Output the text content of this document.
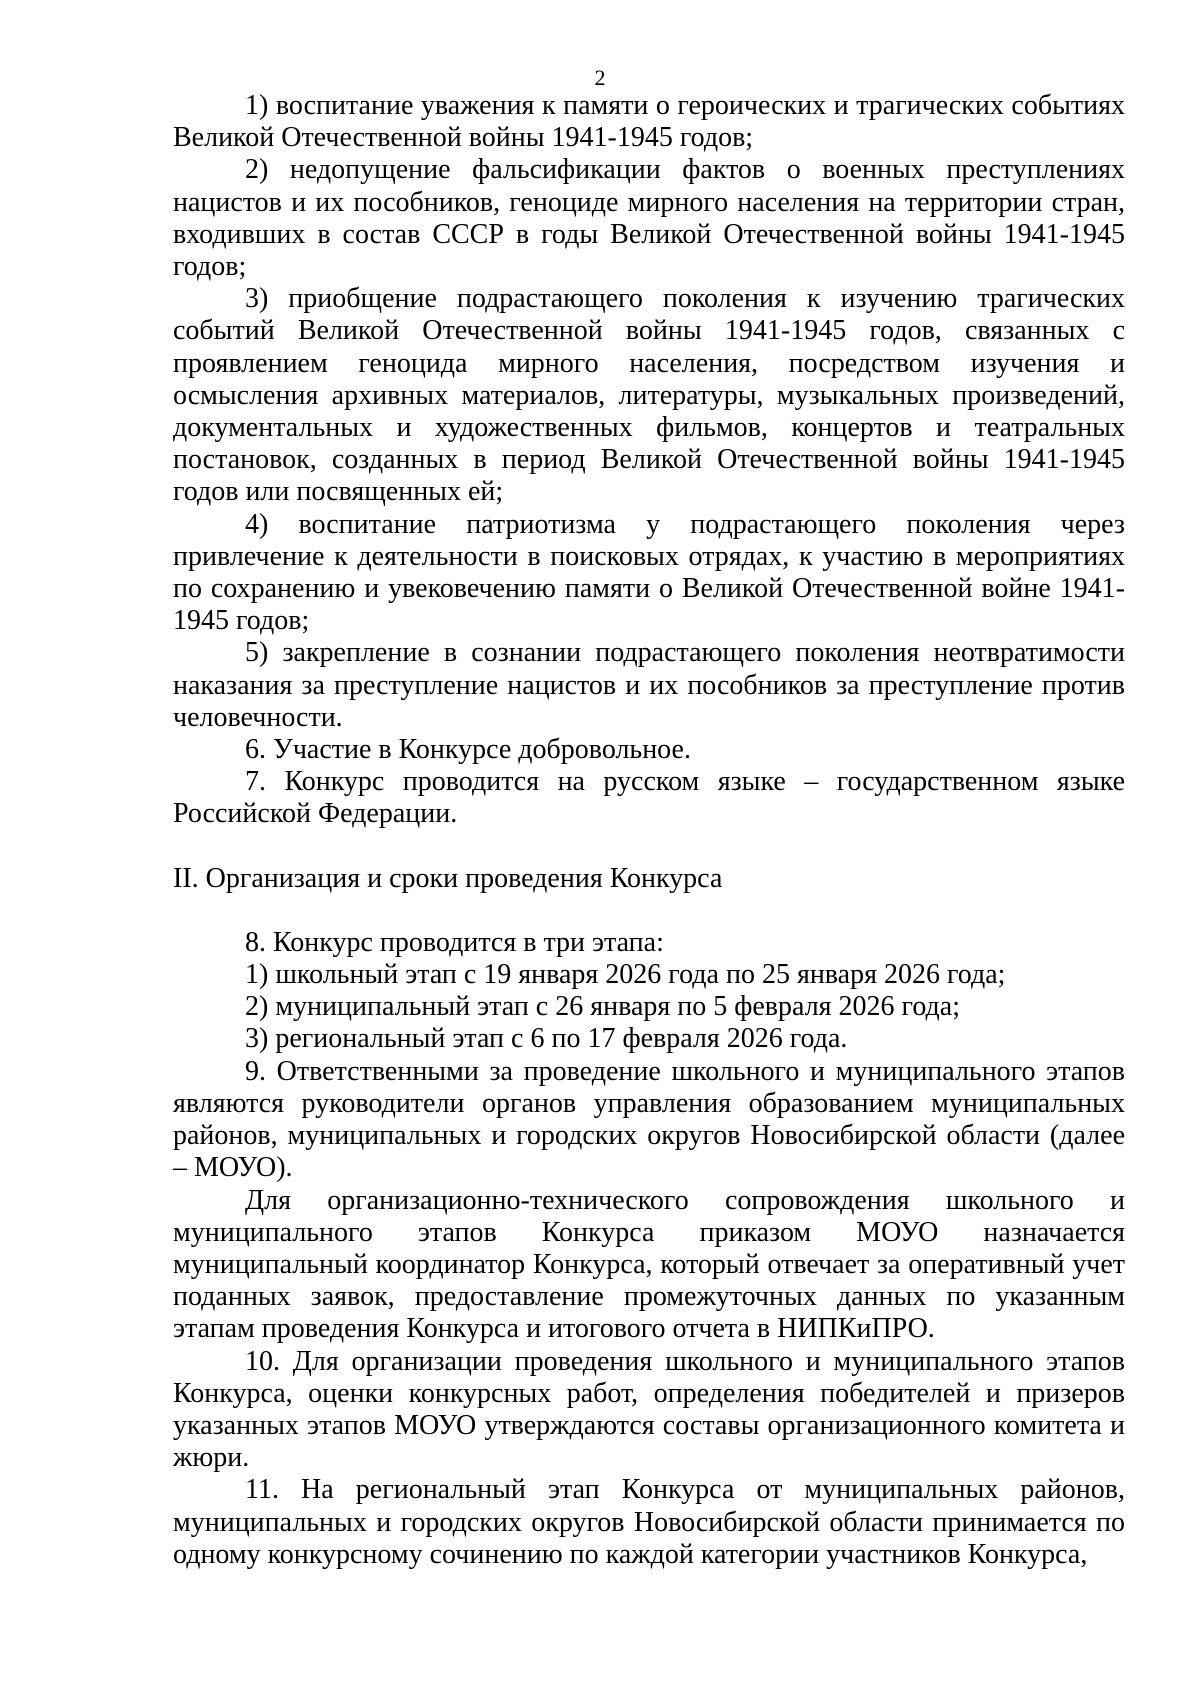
2

1) воспитание уважения к памяти о героических и трагических событиях Великой Отечественной войны 1941-1945 годов;

2) недопущение фальсификации фактов о военных преступлениях нацистов и их пособников, геноциде мирного населения на территории стран, входивших в состав СССР в годы Великой Отечественной войны 1941-1945 годов;

3) приобщение подрастающего поколения к изучению трагических событий Великой Отечественной войны 1941-1945 годов, связанных с проявлением геноцида мирного населения, посредством изучения и осмысления архивных материалов, литературы, музыкальных произведений, документальных и художественных фильмов, концертов и театральных постановок, созданных в период Великой Отечественной войны 1941-1945 годов или посвященных ей;

4) воспитание патриотизма у подрастающего поколения через привлечение к деятельности в поисковых отрядах, к участию в мероприятиях по сохранению и увековечению памяти о Великой Отечественной войне 1941-1945 годов;

5) закрепление в сознании подрастающего поколения неотвратимости наказания за преступление нацистов и их пособников за преступление против человечности.

6. Участие в Конкурсе добровольное.

7. Конкурс проводится на русском языке – государственном языке Российской Федерации.

II. Организация и сроки проведения Конкурса

8. Конкурс проводится в три этапа:

1) школьный этап с 19 января 2026 года по 25 января 2026 года;

2) муниципальный этап с 26 января по 5 февраля 2026 года;

3) региональный этап с 6 по 17 февраля 2026 года.

9. Ответственными за проведение школьного и муниципального этапов являются руководители органов управления образованием муниципальных районов, муниципальных и городских округов Новосибирской области (далее – МОУО).

Для организационно-технического сопровождения школьного и муниципального этапов Конкурса приказом МОУО назначается муниципальный координатор Конкурса, который отвечает за оперативный учет поданных заявок, предоставление промежуточных данных по указанным этапам проведения Конкурса и итогового отчета в НИПКиПРО.

10. Для организации проведения школьного и муниципального этапов Конкурса, оценки конкурсных работ, определения победителей и призеров указанных этапов МОУО утверждаются составы организационного комитета и жюри.

11. На региональный этап Конкурса от муниципальных районов, муниципальных и городских округов Новосибирской области принимается по одному конкурсному сочинению по каждой категории участников Конкурса,
